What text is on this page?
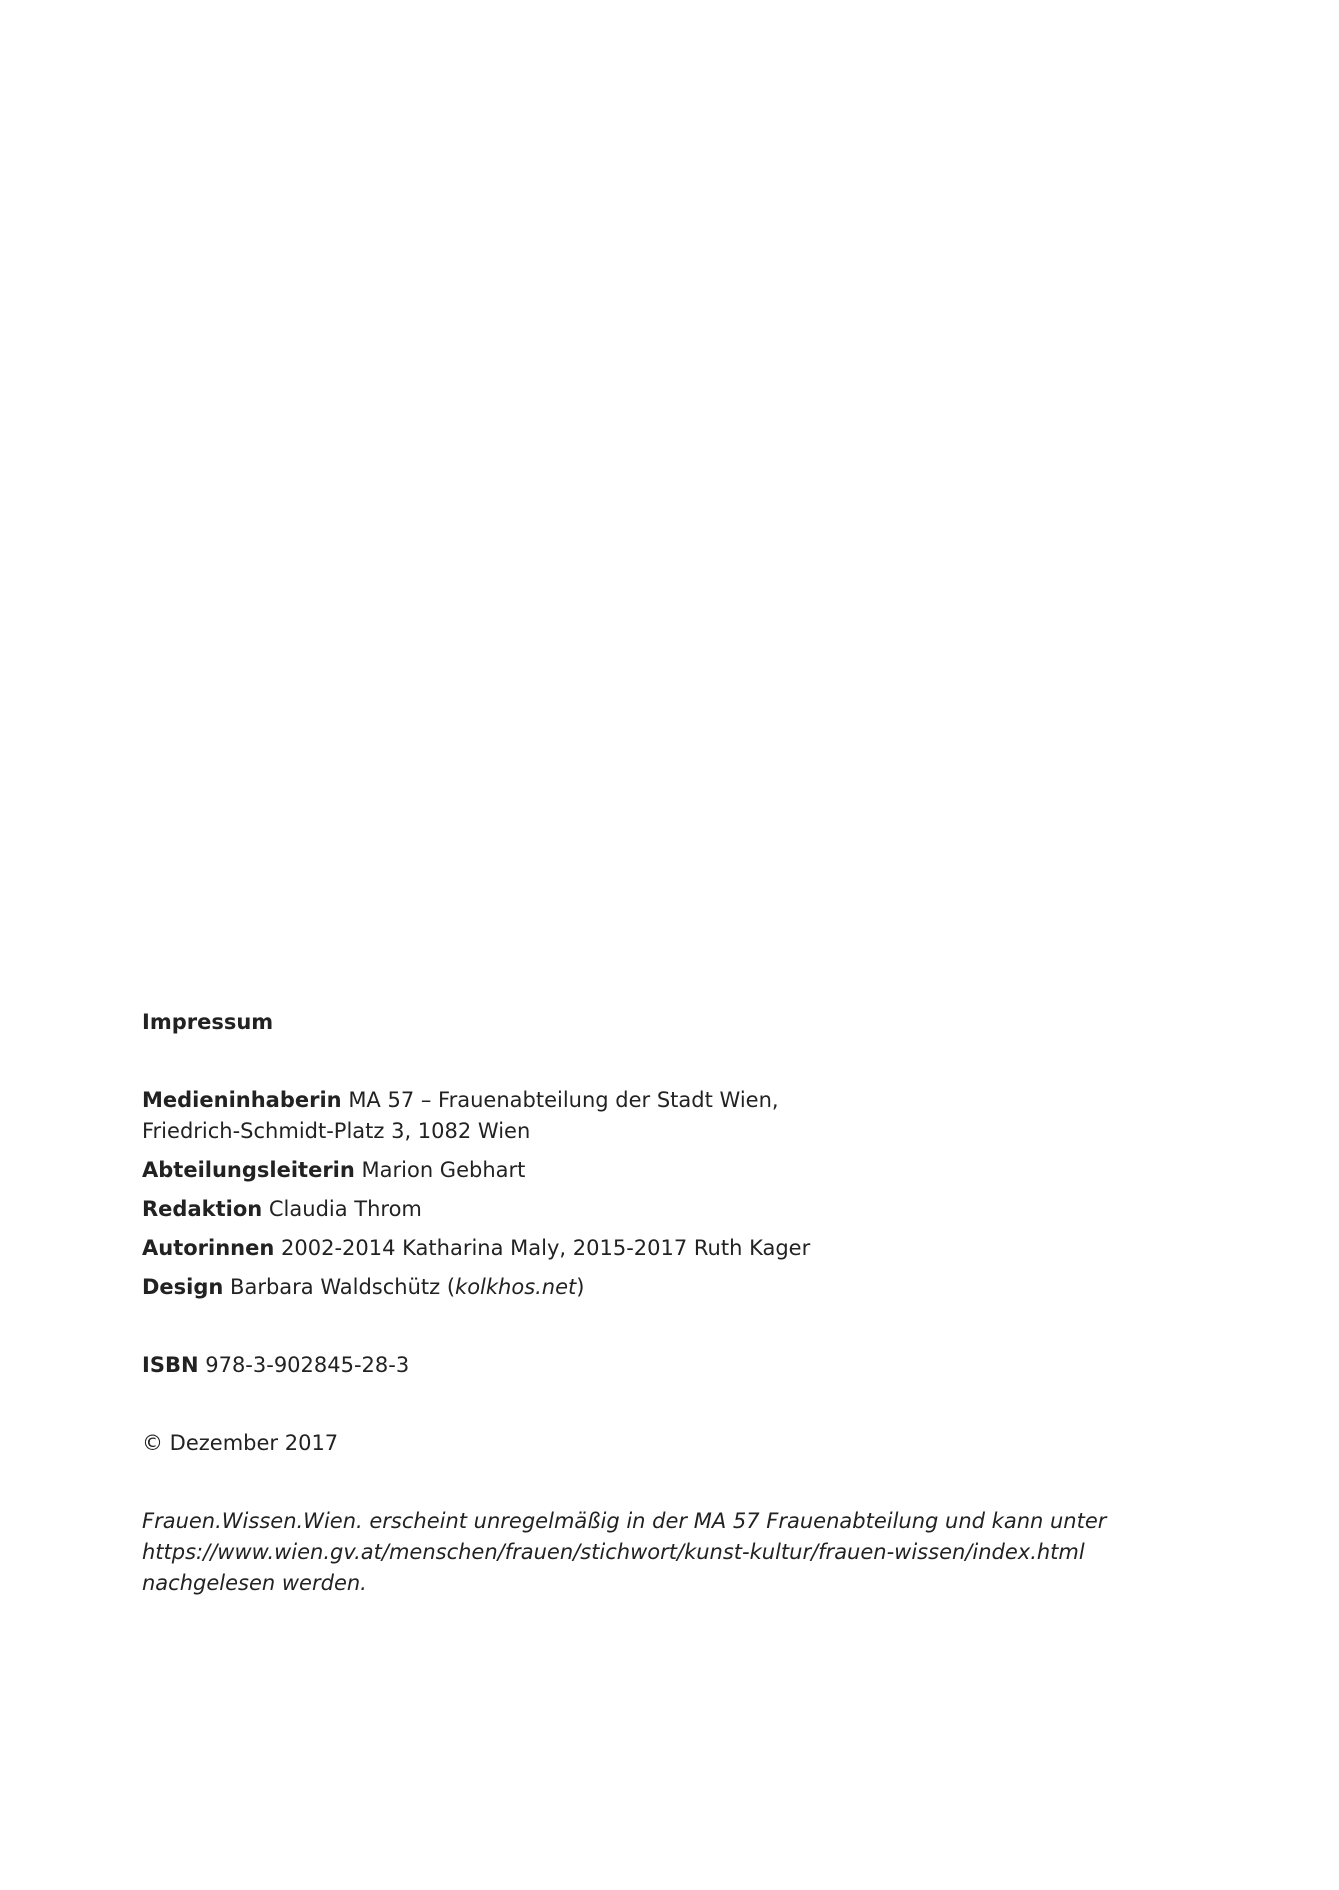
Impressum
Medieninhaberin MA 57 – Frauenabteilung der Stadt Wien,
Friedrich-Schmidt-Platz 3, 1082 Wien
Abteilungsleiterin Marion Gebhart
Redaktion Claudia Throm
Autorinnen 2002-2014 Katharina Maly, 2015-2017 Ruth Kager
Design Barbara Waldschütz (kolkhos.net)
ISBN 978-3-902845-28-3
© Dezember 2017
Frauen.Wissen.Wien. erscheint unregelmäßig in der MA 57 Frauenabteilung und kann unter
https://www.wien.gv.at/menschen/frauen/stichwort/kunst-kultur/frauen-wissen/index.html
nachgelesen werden.
